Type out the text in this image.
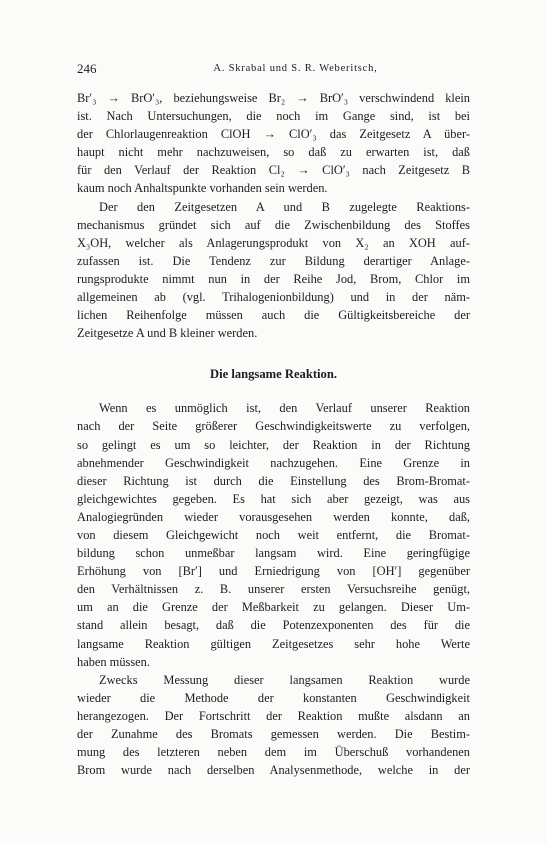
246	A. Skrabal und S. R. Weberitsch,
Br′₃ → BrO′₃, beziehungsweise Br₂ → BrO′₃ verschwindend klein
ist. Nach Untersuchungen, die noch im Gange sind, ist bei
der Chlorlaugenreaktion ClOH → ClO′₃ das Zeitgesetz A über-
haupt nicht mehr nachzuweisen, so daß zu erwarten ist, daß
für den Verlauf der Reaktion Cl₂ → ClO′₃ nach Zeitgesetz B
kaum noch Anhaltspunkte vorhanden sein werden.
Der den Zeitgesetzen A und B zugelegte Reaktions-
mechanismus gründet sich auf die Zwischenbildung des Stoffes
X₃OH, welcher als Anlagerungsprodukt von X₂ an XOH auf-
zufassen ist. Die Tendenz zur Bildung derartiger Anlage-
rungsprodukte nimmt nun in der Reihe Jod, Brom, Chlor im
allgemeinen ab (vgl. Trihalogenionbildung) und in der näm-
lichen Reihenfolge müssen auch die Gültigkeitsbereiche der
Zeitgesetze A und B kleiner werden.
Die langsame Reaktion.
Wenn es unmöglich ist, den Verlauf unserer Reaktion
nach der Seite größerer Geschwindigkeitswerte zu verfolgen,
so gelingt es um so leichter, der Reaktion in der Richtung
abnehmender Geschwindigkeit nachzugehen. Eine Grenze in
dieser Richtung ist durch die Einstellung des Brom-Bromat-
gleichgewichtes gegeben. Es hat sich aber gezeigt, was aus
Analogiegründen wieder vorausgesehen werden konnte, daß,
von diesem Gleichgewicht noch weit entfernt, die Bromat-
bildung schon unmeßbar langsam wird. Eine geringfügige
Erhöhung von [Br′] und Erniedrigung von [OH′] gegenüber
den Verhältnissen z. B. unserer ersten Versuchsreihe genügt,
um an die Grenze der Meßbarkeit zu gelangen. Dieser Um-
stand allein besagt, daß die Potenzexponenten des für die
langsame Reaktion gültigen Zeitgesetzes sehr hohe Werte
haben müssen.
Zwecks Messung dieser langsamen Reaktion wurde
wieder die Methode der konstanten Geschwindigkeit
herangezogen. Der Fortschritt der Reaktion mußte alsdann an
der Zunahme des Bromats gemessen werden. Die Bestim-
mung des letzteren neben dem im Überschuß vorhandenen
Brom wurde nach derselben Analysenmethode, welche in der
